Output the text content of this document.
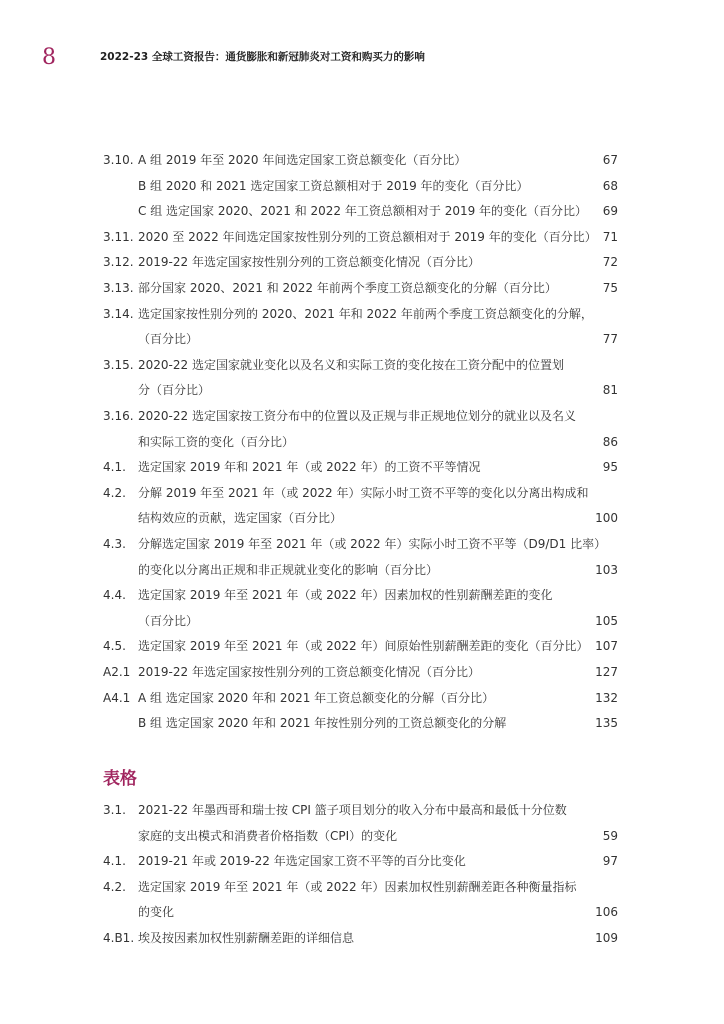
8	2022-23 全球工资报告：通货膨胀和新冠肺炎对工资和购买力的影响
3.10. A 组 2019 年至 2020 年间选定国家工资总额变化（百分比）	67
B 组 2020 和 2021 选定国家工资总额相对于 2019 年的变化（百分比）	68
C 组 选定国家 2020、2021 和 2022 年工资总额相对于 2019 年的变化（百分比） 69
3.11. 2020 至 2022 年间选定国家按性别分列的工资总额相对于 2019 年的变化（百分比） 71
3.12. 2019-22 年选定国家按性别分列的工资总额变化情况（百分比）	72
3.13. 部分国家 2020、2021 和 2022 年前两个季度工资总额变化的分解（百分比）	75
3.14. 选定国家按性别分列的 2020、2021 年和 2022 年前两个季度工资总额变化的分解，
（百分比）	77
3.15. 2020-22 选定国家就业变化以及名义和实际工资的变化按在工资分配中的位置划
分（百分比）	81
3.16. 2020-22 选定国家按工资分布中的位置以及正规与非正规地位划分的就业以及名义
和实际工资的变化（百分比）	86
4.1. 选定国家 2019 年和 2021 年（或 2022 年）的工资不平等情况	95
4.2. 分解 2019 年至 2021 年（或 2022 年）实际小时工资不平等的变化以分离出构成和
结构效应的贡献，选定国家（百分比）	100
4.3. 分解选定国家 2019 年至 2021 年（或 2022 年）实际小时工资不平等（D9/D1 比率）
的变化以分离出正规和非正规就业变化的影响（百分比）	103
4.4. 选定国家 2019 年至 2021 年（或 2022 年）因素加权的性别薪酬差距的变化
（百分比）	105
4.5. 选定国家 2019 年至 2021 年（或 2022 年）间原始性别薪酬差距的变化（百分比） 107
A2.1 2019-22 年选定国家按性别分列的工资总额变化情况（百分比）	127
A4.1 A 组 选定国家 2020 年和 2021 年工资总额变化的分解（百分比）	132
B 组 选定国家 2020 年和 2021 年按性别分列的工资总额变化的分解	135
表格
3.1. 2021-22 年墨西哥和瑞士按 CPI 篮子项目划分的收入分布中最高和最低十分位数
家庭的支出模式和消费者价格指数（CPI）的变化	59
4.1. 2019-21 年或 2019-22 年选定国家工资不平等的百分比变化	97
4.2. 选定国家 2019 年至 2021 年（或 2022 年）因素加权性别薪酬差距各种衡量指标
的变化	106
4.B1. 埃及按因素加权性别薪酬差距的详细信息	109
